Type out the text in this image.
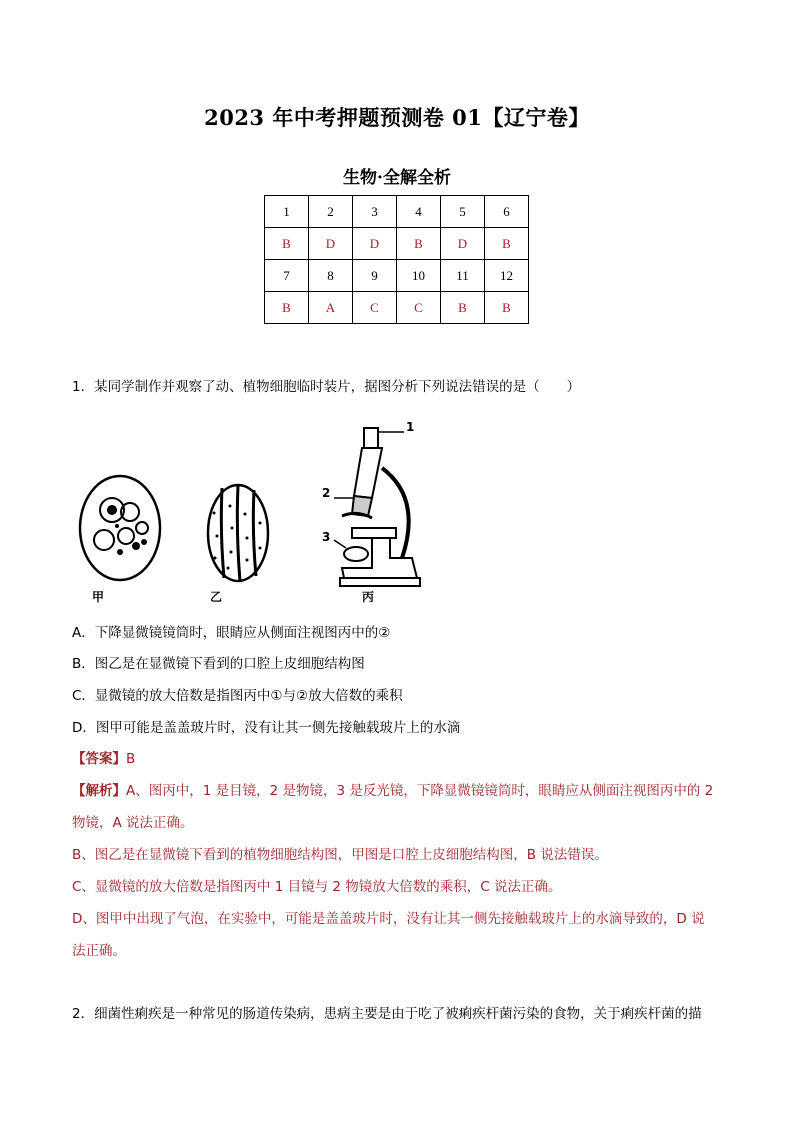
2023 年中考押题预测卷 01【辽宁卷】
生物·全解全析
1	2	3	4	5	6
B	D	D	B	D	B
7	8	9	10	11	12
B	A	C	C	B	B
1．某同学制作并观察了动、植物细胞临时装片，据图分析下列说法错误的是（　　）
1
2
3
甲	乙	丙
A．下降显微镜镜筒时，眼睛应从侧面注视图丙中的②
B．图乙是在显微镜下看到的口腔上皮细胞结构图
C．显微镜的放大倍数是指图丙中①与②放大倍数的乘积
D．图甲可能是盖盖玻片时，没有让其一侧先接触载玻片上的水滴
【答案】B
【解析】A、图丙中，1 是目镜，2 是物镜，3 是反光镜，下降显微镜镜筒时，眼睛应从侧面注视图丙中的 2
物镜，A 说法正确。
B、图乙是在显微镜下看到的植物细胞结构图，甲图是口腔上皮细胞结构图，B 说法错误。
C、显微镜的放大倍数是指图丙中 1 目镜与 2 物镜放大倍数的乘积，C 说法正确。
D、图甲中出现了气泡，在实验中，可能是盖盖玻片时，没有让其一侧先接触载玻片上的水滴导致的，D 说
法正确。
2．细菌性痢疾是一种常见的肠道传染病，患病主要是由于吃了被痢疾杆菌污染的食物，关于痢疾杆菌的描
